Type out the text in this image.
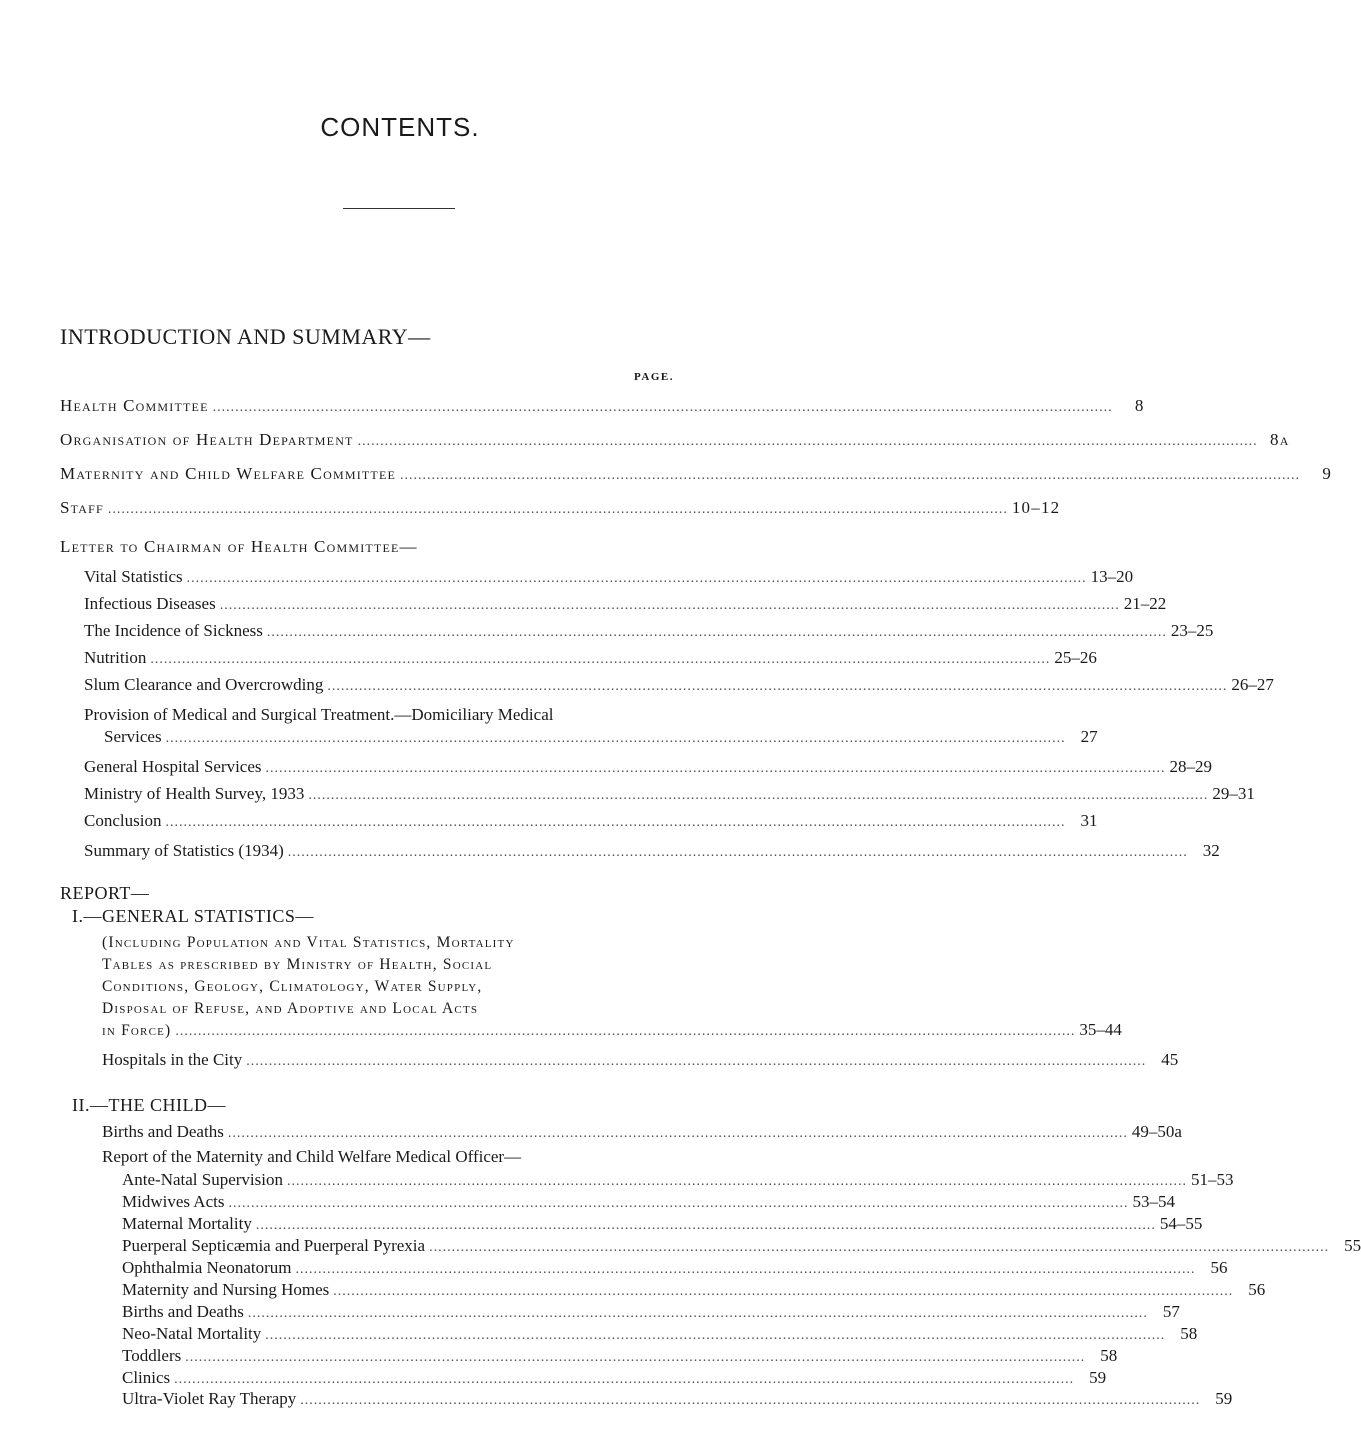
CONTENTS.
INTRODUCTION AND SUMMARY—
PAGE.
Health Committee ........................................................................................................................................................................................................	8
Organisation of Health Department ........................................................................................................................................................................................................ 8a
Maternity and Child Welfare Committee ........................................................................................................................................................................................................	9
Staff ........................................................................................................................................................................................................ 10–12
Letter to Chairman of Health Committee—
Vital Statistics ........................................................................................................................................................................................................ 13–20
Infectious Diseases ........................................................................................................................................................................................................ 21–22
The Incidence of Sickness ........................................................................................................................................................................................................ 23–25
Nutrition ........................................................................................................................................................................................................ 25–26
Slum Clearance and Overcrowding ........................................................................................................................................................................................................ 26–27
Provision of Medical and Surgical Treatment.—Domiciliary Medical
Services ........................................................................................................................................................................................................ 27
General Hospital Services ........................................................................................................................................................................................................ 28–29
Ministry of Health Survey, 1933 ........................................................................................................................................................................................................ 29–31
Conclusion ........................................................................................................................................................................................................ 31
Summary of Statistics (1934) ........................................................................................................................................................................................................ 32
REPORT—
I.—GENERAL STATISTICS—
(Including Population and Vital Statistics, Mortality
Tables as prescribed by Ministry of Health, Social
Conditions, Geology, Climatology, Water Supply,
Disposal of Refuse, and Adoptive and Local Acts
in Force) ........................................................................................................................................................................................................ 35–44
Hospitals in the City ........................................................................................................................................................................................................ 45
II.—THE CHILD—
Births and Deaths ........................................................................................................................................................................................................ 49–50a
Report of the Maternity and Child Welfare Medical Officer—
Ante-Natal Supervision ........................................................................................................................................................................................................ 51–53
Midwives Acts ........................................................................................................................................................................................................ 53–54
Maternal Mortality ........................................................................................................................................................................................................ 54–55
Puerperal Septicæmia and Puerperal Pyrexia ........................................................................................................................................................................................................ 55
Ophthalmia Neonatorum ........................................................................................................................................................................................................ 56
Maternity and Nursing Homes ........................................................................................................................................................................................................ 56
Births and Deaths ........................................................................................................................................................................................................ 57
Neo-Natal Mortality ........................................................................................................................................................................................................ 58
Toddlers ........................................................................................................................................................................................................ 58
Clinics ........................................................................................................................................................................................................ 59
Ultra-Violet Ray Therapy ........................................................................................................................................................................................................ 59
